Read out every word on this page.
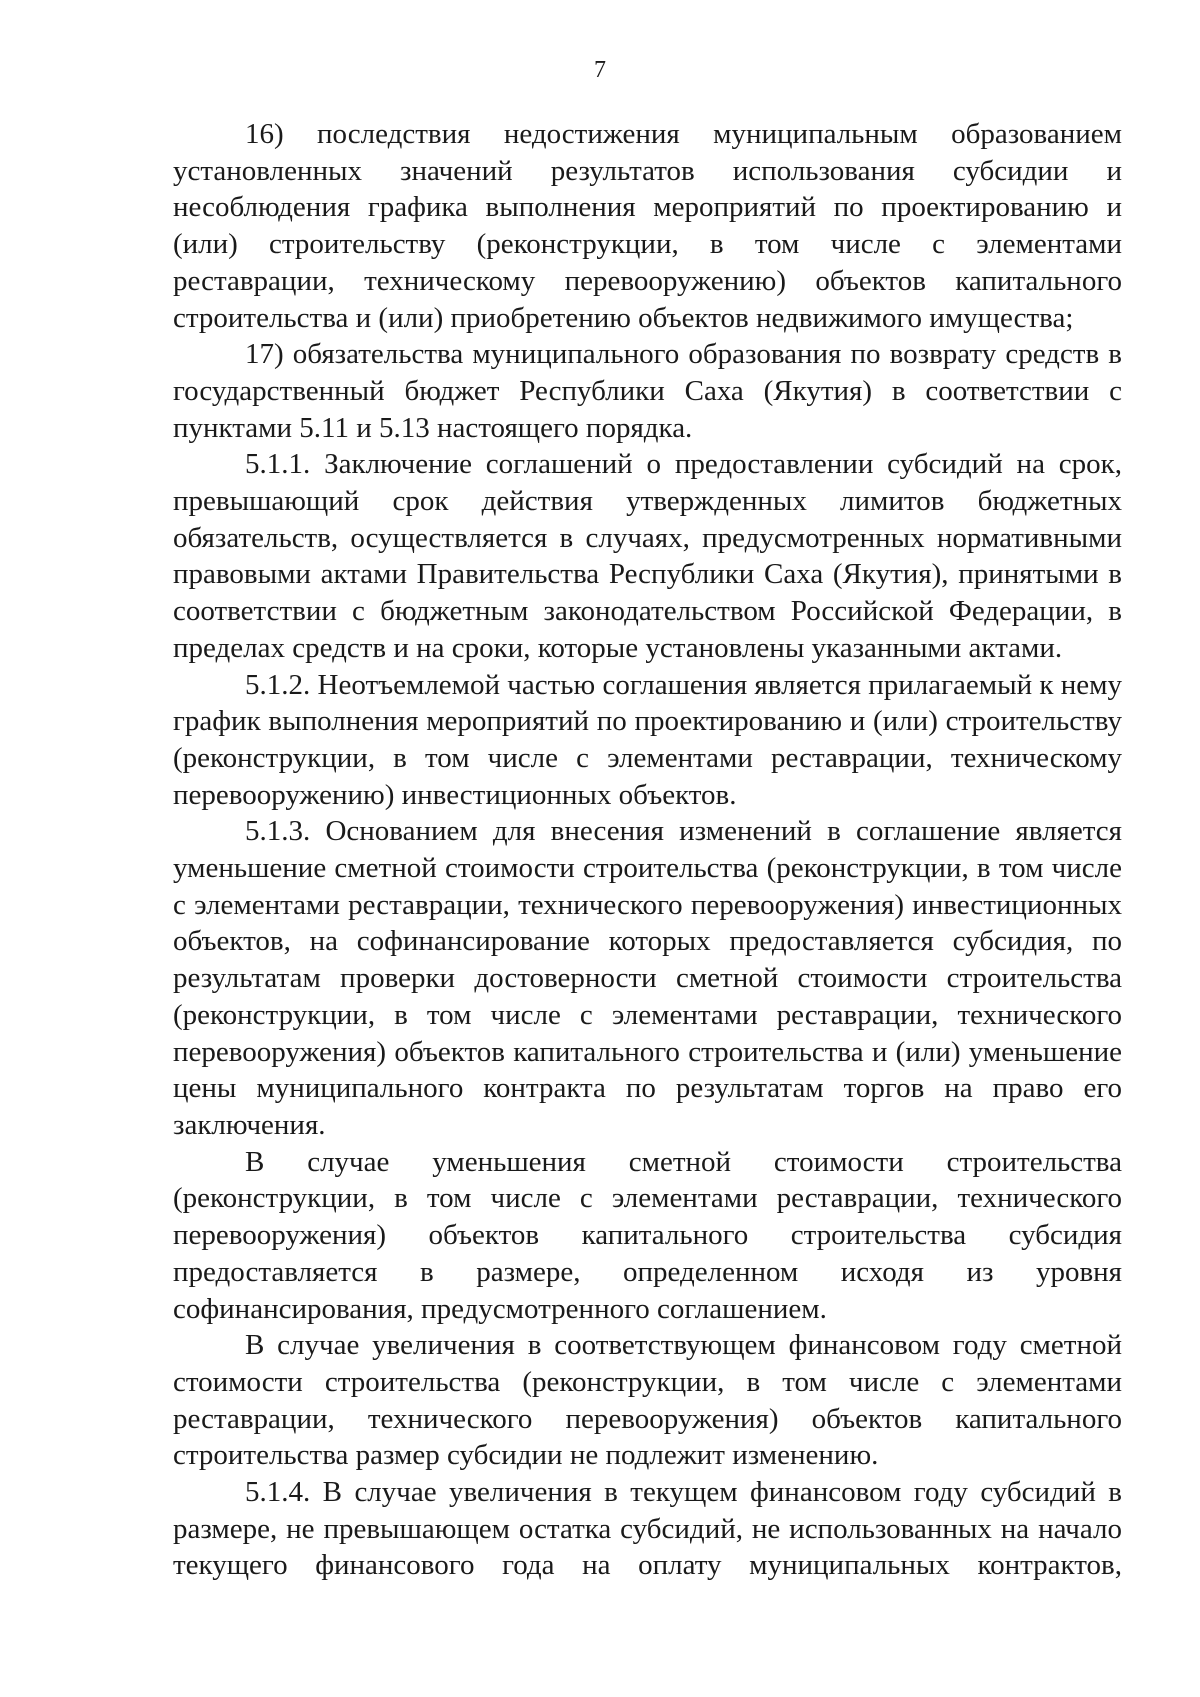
7

16) последствия недостижения муниципальным образованием установленных значений результатов использования субсидии и несоблюдения графика выполнения мероприятий по проектированию и (или) строительству (реконструкции, в том числе с элементами реставрации, техническому перевооружению) объектов капитального строительства и (или) приобретению объектов недвижимого имущества;

17) обязательства муниципального образования по возврату средств в государственный бюджет Республики Саха (Якутия) в соответствии с пунктами 5.11 и 5.13 настоящего порядка.

5.1.1. Заключение соглашений о предоставлении субсидий на срок, превышающий срок действия утвержденных лимитов бюджетных обязательств, осуществляется в случаях, предусмотренных нормативными правовыми актами Правительства Республики Саха (Якутия), принятыми в соответствии с бюджетным законодательством Российской Федерации, в пределах средств и на сроки, которые установлены указанными актами.

5.1.2. Неотъемлемой частью соглашения является прилагаемый к нему график выполнения мероприятий по проектированию и (или) строительству (реконструкции, в том числе с элементами реставрации, техническому перевооружению) инвестиционных объектов.

5.1.3. Основанием для внесения изменений в соглашение является уменьшение сметной стоимости строительства (реконструкции, в том числе с элементами реставрации, технического перевооружения) инвестиционных объектов, на софинансирование которых предоставляется субсидия, по результатам проверки достоверности сметной стоимости строительства (реконструкции, в том числе с элементами реставрации, технического перевооружения) объектов капитального строительства и (или) уменьшение цены муниципального контракта по результатам торгов на право его заключения.

В случае уменьшения сметной стоимости строительства (реконструкции, в том числе с элементами реставрации, технического перевооружения) объектов капитального строительства субсидия предоставляется в размере, определенном исходя из уровня софинансирования, предусмотренного соглашением.

В случае увеличения в соответствующем финансовом году сметной стоимости строительства (реконструкции, в том числе с элементами реставрации, технического перевооружения) объектов капитального строительства размер субсидии не подлежит изменению.

5.1.4. В случае увеличения в текущем финансовом году субсидий в размере, не превышающем остатка субсидий, не использованных на начало текущего финансового года на оплату муниципальных контрактов,
